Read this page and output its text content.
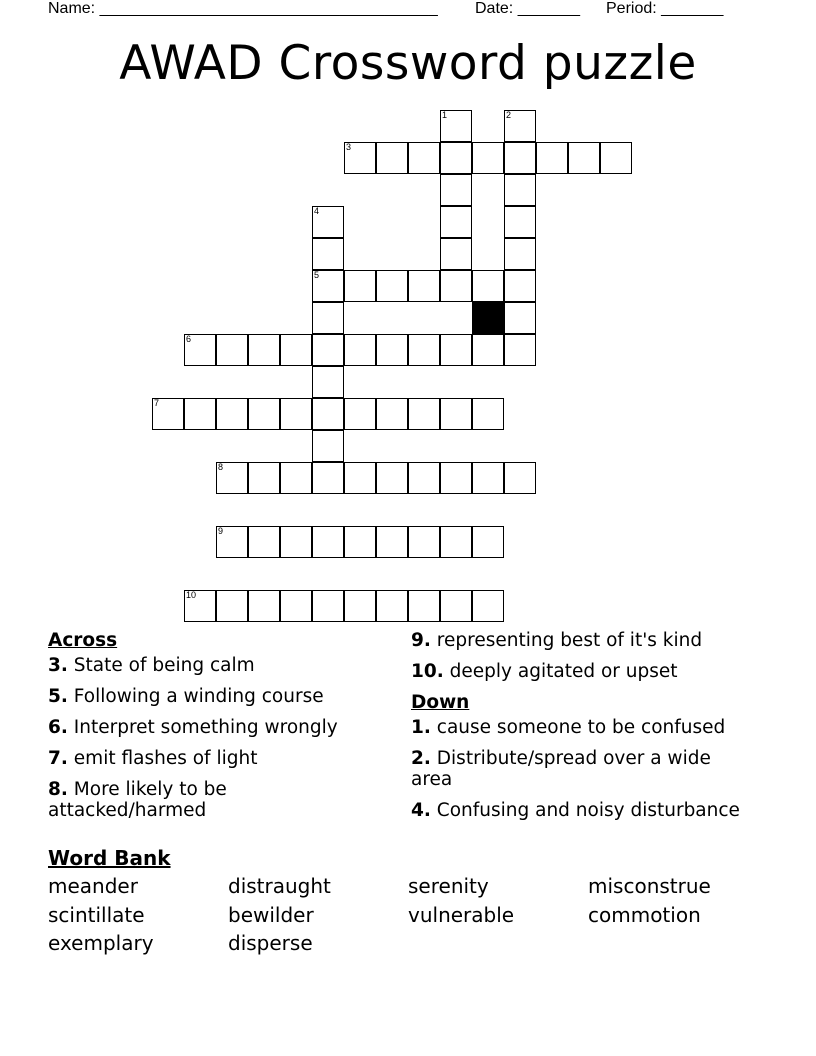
Name: ______________________________________ Date: _______ Period: _______
AWAD Crossword puzzle
1	2
3
4
5
6
7
8
9
10
Across
3. State of being calm
5. Following a winding course
6. Interpret something wrongly
7. emit flashes of light
8. More likely to be attacked/harmed
9. representing best of it's kind
10. deeply agitated or upset
Down
1. cause someone to be confused
2. Distribute/spread over a wide area
4. Confusing and noisy disturbance
Word Bank
meander	distraught	serenity	misconstrue
scintillate	bewilder	vulnerable	commotion
exemplary	disperse
